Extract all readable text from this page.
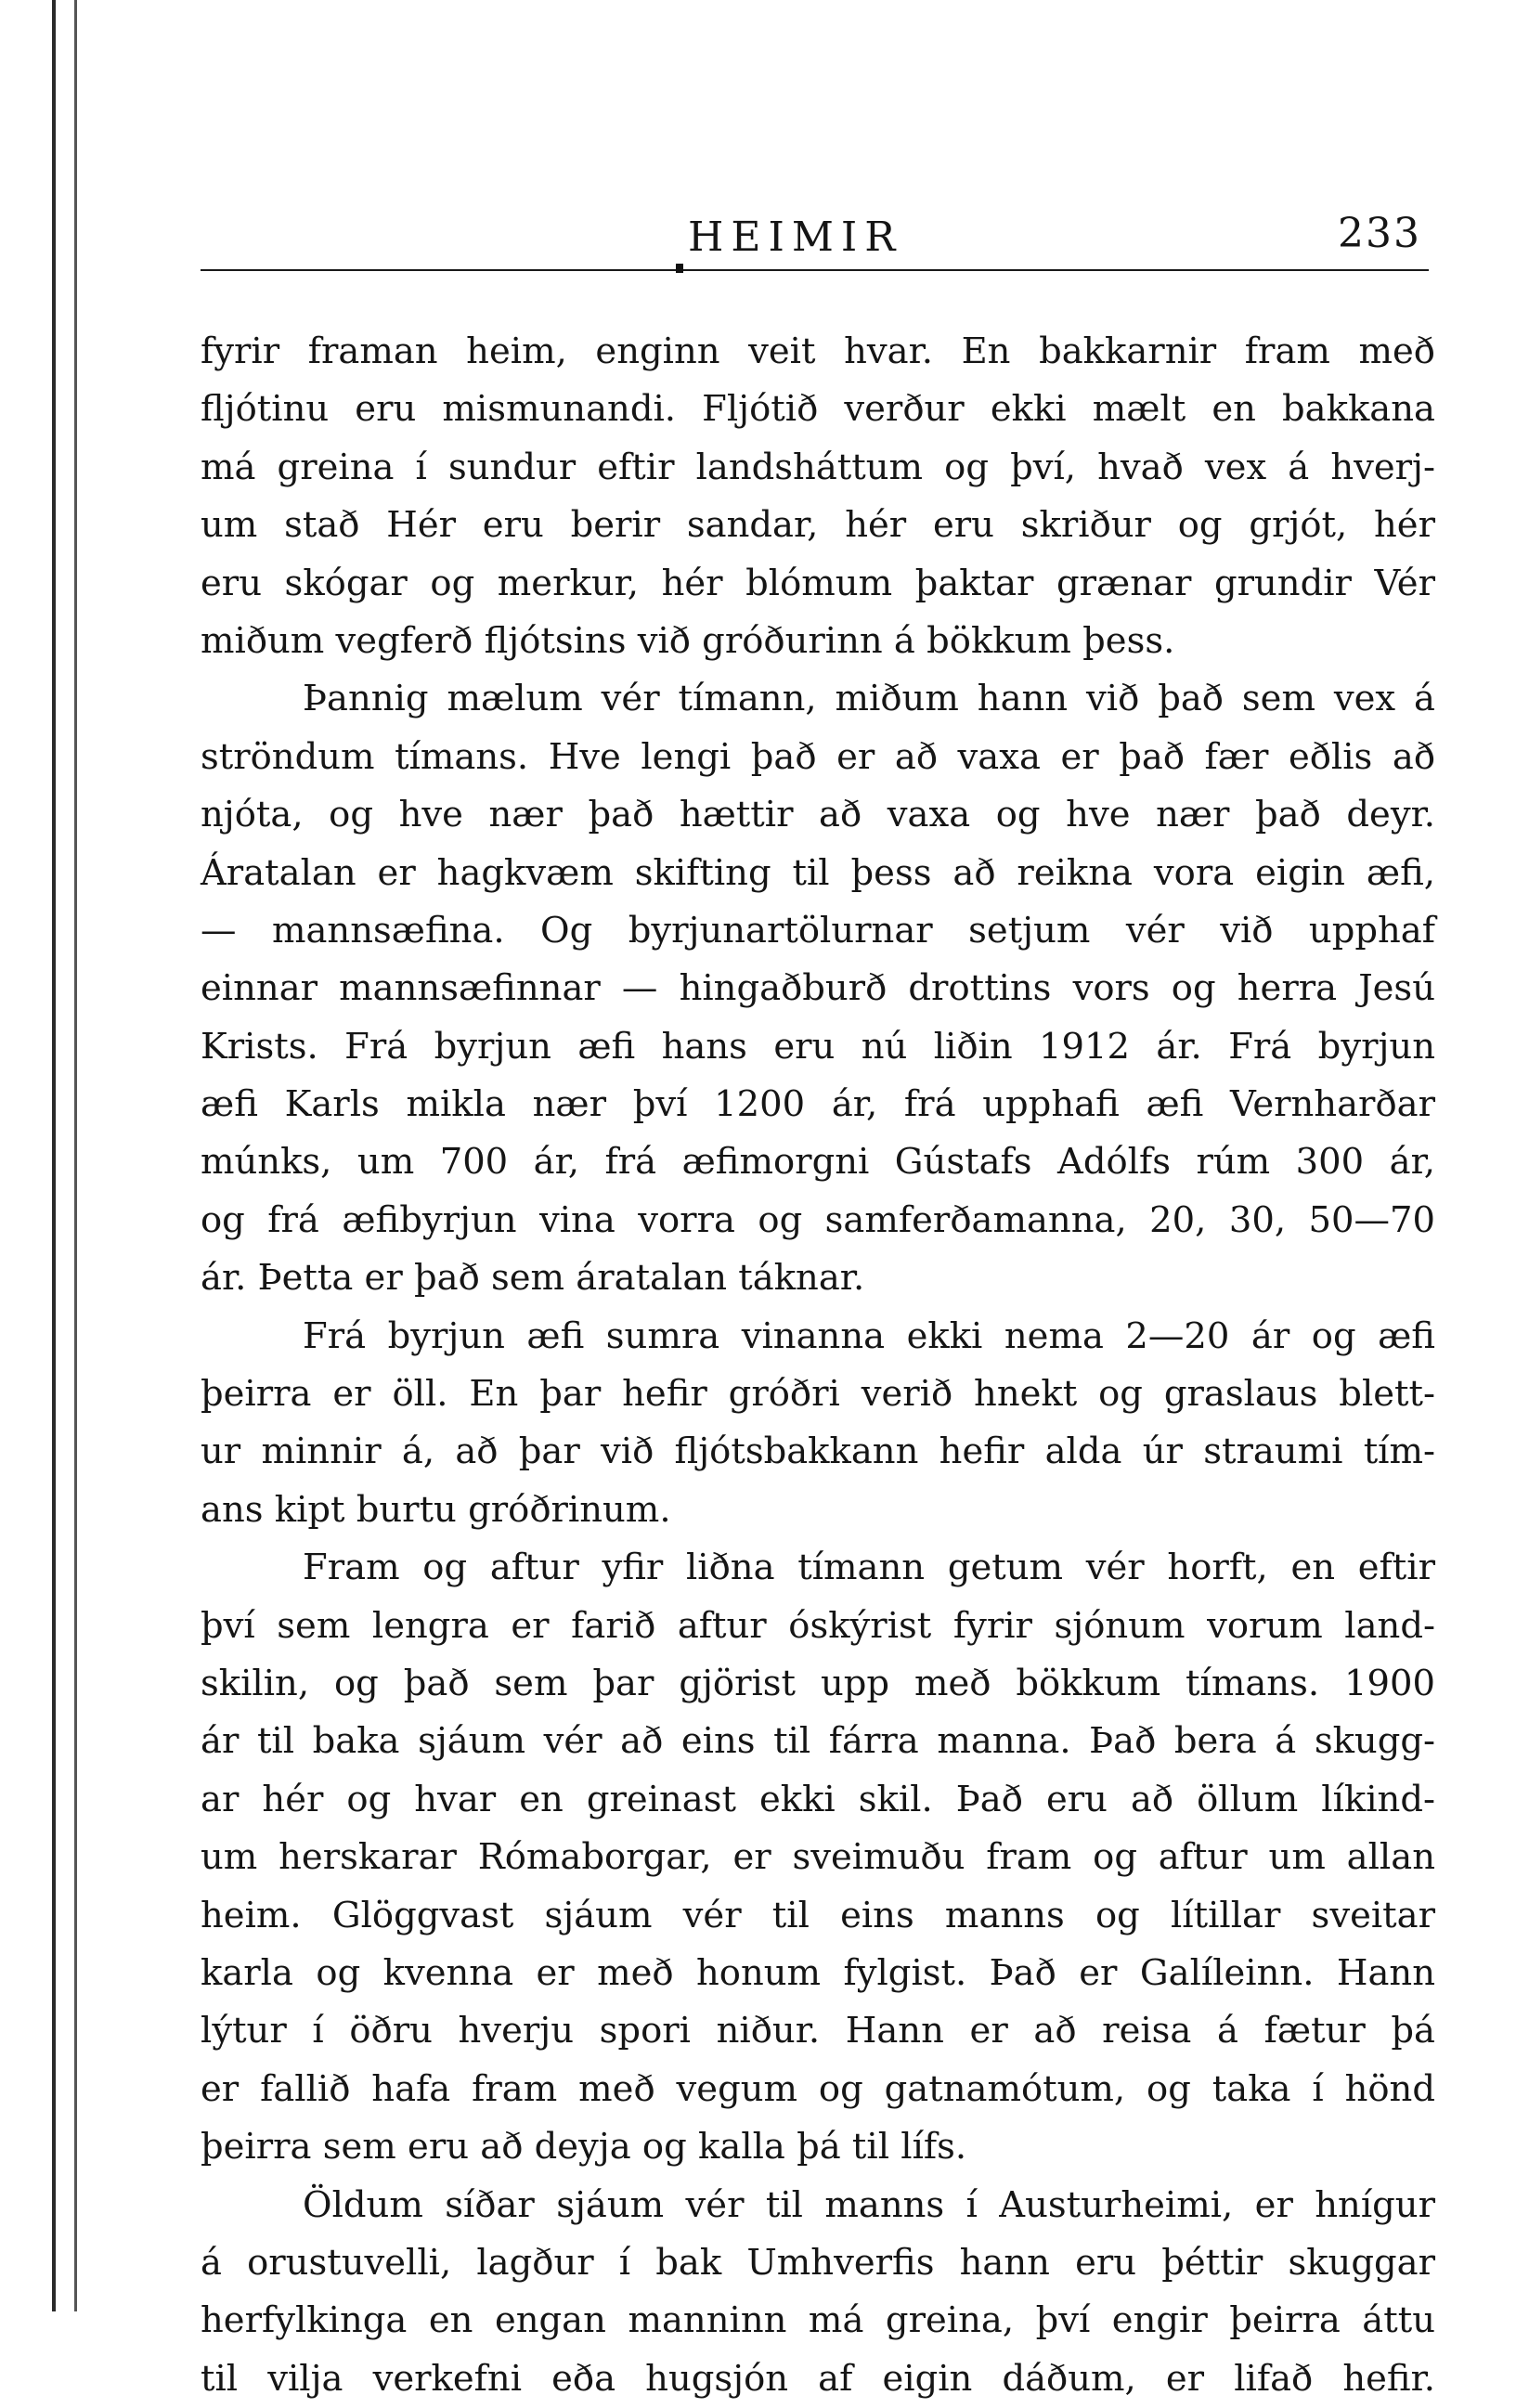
HEIMIR	233
fyrir framan heim, enginn veit hvar. En bakkarnir fram með
fljótinu eru mismunandi. Fljótið verður ekki mælt en bakkana
má greina í sundur eftir landsháttum og því, hvað vex á hverj-
um stað Hér eru berir sandar, hér eru skriður og grjót, hér
eru skógar og merkur, hér blómum þaktar grænar grundir Vér
miðum vegferð fljótsins við gróðurinn á bökkum þess.
Þannig mælum vér tímann, miðum hann við það sem vex á
ströndum tímans. Hve lengi það er að vaxa er það fær eðlis að
njóta, og hve nær það hættir að vaxa og hve nær það deyr.
Áratalan er hagkvæm skifting til þess að reikna vora eigin æfi,
— mannsæfina. Og byrjunartölurnar setjum vér við upphaf
einnar mannsæfinnar — hingaðburð drottins vors og herra Jesú
Krists. Frá byrjun æfi hans eru nú liðin 1912 ár. Frá byrjun
æfi Karls mikla nær því 1200 ár, frá upphafi æfi Vernharðar
múnks, um 700 ár, frá æfimorgni Gústafs Adólfs rúm 300 ár,
og frá æfibyrjun vina vorra og samferðamanna, 20, 30, 50—70
ár. Þetta er það sem áratalan táknar.
Frá byrjun æfi sumra vinanna ekki nema 2—20 ár og æfi
þeirra er öll. En þar hefir gróðri verið hnekt og graslaus blett-
ur minnir á, að þar við fljótsbakkann hefir alda úr straumi tím-
ans kipt burtu gróðrinum.
Fram og aftur yfir liðna tímann getum vér horft, en eftir
því sem lengra er farið aftur óskýrist fyrir sjónum vorum land-
skilin, og það sem þar gjörist upp með bökkum tímans. 1900
ár til baka sjáum vér að eins til fárra manna. Það bera á skugg-
ar hér og hvar en greinast ekki skil. Það eru að öllum líkind-
um herskarar Rómaborgar, er sveimuðu fram og aftur um allan
heim. Glöggvast sjáum vér til eins manns og lítillar sveitar
karla og kvenna er með honum fylgist. Það er Galíleinn. Hann
lýtur í öðru hverju spori niður. Hann er að reisa á fætur þá
er fallið hafa fram með vegum og gatnamótum, og taka í hönd
þeirra sem eru að deyja og kalla þá til lífs.
Öldum síðar sjáum vér til manns í Austurheimi, er hnígur
á orustuvelli, lagður í bak Umhverfis hann eru þéttir skuggar
herfylkinga en engan manninn má greina, því engir þeirra áttu
til vilja verkefni eða hugsjón af eigin dáðum, er lifað hefir.
